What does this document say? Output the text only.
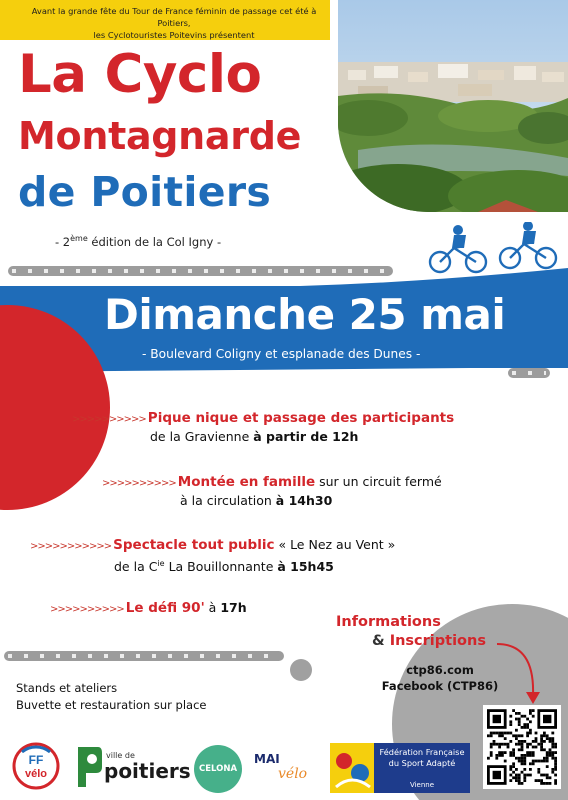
Avant la grande fête du Tour de France féminin de passage cet été à Poitiers,
les Cyclotouristes Poitevins présentent
La Cyclo
Montagnarde
de Poitiers
- 2ème édition de la Col Igny -
Dimanche 25 mai
- Boulevard Coligny et esplanade des Dunes -
>>>>>>>>>> Pique nique et passage des participants
de la Gravienne à partir de 12h
>>>>>>>>>> Montée en famille sur un circuit fermé
à la circulation à 14h30
>>>>>>>>>>> Spectacle tout public « Le Nez au Vent »
de la $C^{ie}$ La Bouillonnante à 15h45
>>>>>>>>>> Le défi 90' à 17h
Stands et ateliers
Buvette et restauration sur place
Informations
& Inscriptions
ctp86.com
Facebook (CTP86)
FF
vélo
ville de
poitiers CELONA
MAI
vélo
Fédération Française du Sport Adapté
Vienne
